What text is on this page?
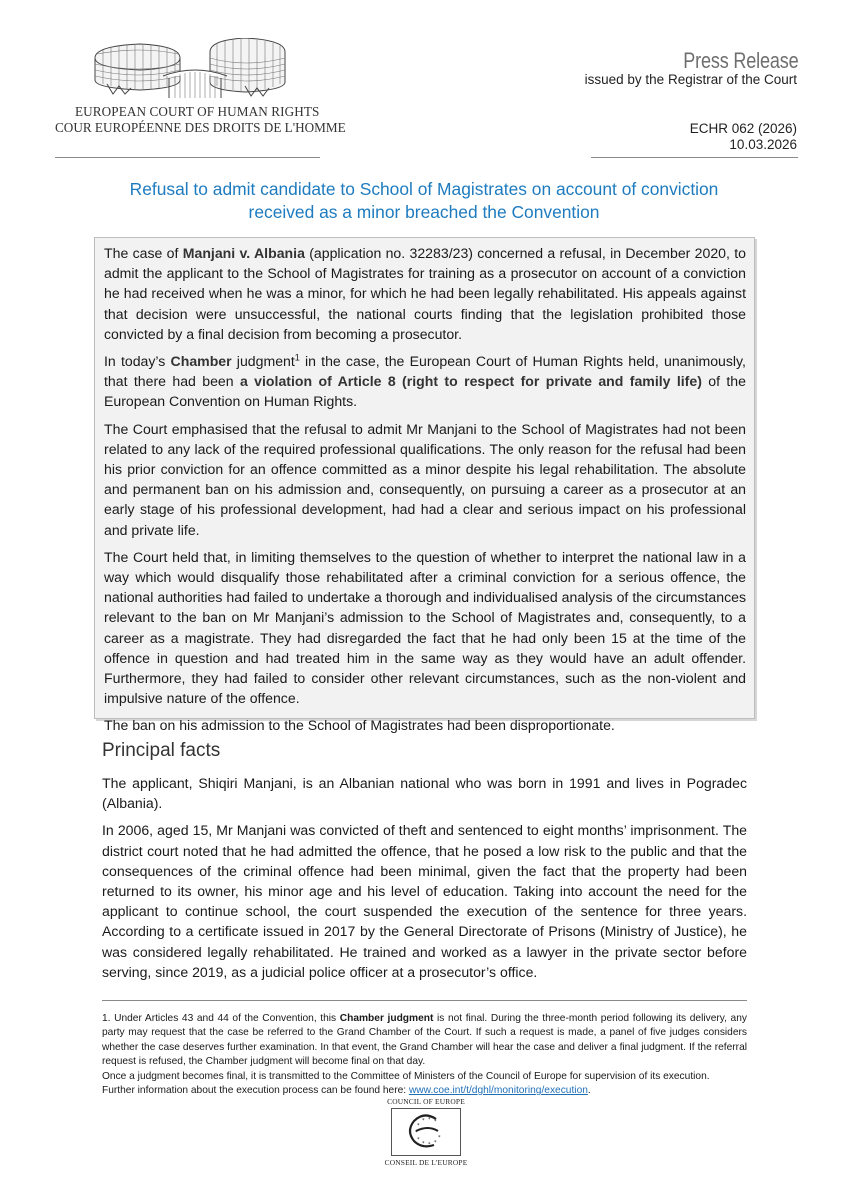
EUROPEAN COURT OF HUMAN RIGHTS
COUR EUROPÉENNE DES DROITS DE L'HOMME
Press Release
issued by the Registrar of the Court
ECHR 062 (2026)
10.03.2026
Refusal to admit candidate to School of Magistrates on account of conviction
received as a minor breached the Convention

The case of Manjani v. Albania (application no. 32283/23) concerned a refusal, in December 2020, to admit the applicant to the School of Magistrates for training as a prosecutor on account of a conviction he had received when he was a minor, for which he had been legally rehabilitated. His appeals against that decision were unsuccessful, the national courts finding that the legislation prohibited those convicted by a final decision from becoming a prosecutor.

In today’s Chamber judgment$^1$ in the case, the European Court of Human Rights held, unanimously, that there had been a violation of Article 8 (right to respect for private and family life) of the European Convention on Human Rights.

The Court emphasised that the refusal to admit Mr Manjani to the School of Magistrates had not been related to any lack of the required professional qualifications. The only reason for the refusal had been his prior conviction for an offence committed as a minor despite his legal rehabilitation. The absolute and permanent ban on his admission and, consequently, on pursuing a career as a prosecutor at an early stage of his professional development, had had a clear and serious impact on his professional and private life.

The Court held that, in limiting themselves to the question of whether to interpret the national law in a way which would disqualify those rehabilitated after a criminal conviction for a serious offence, the national authorities had failed to undertake a thorough and individualised analysis of the circumstances relevant to the ban on Mr Manjani’s admission to the School of Magistrates and, consequently, to a career as a magistrate. They had disregarded the fact that he had only been 15 at the time of the offence in question and had treated him in the same way as they would have an adult offender. Furthermore, they had failed to consider other relevant circumstances, such as the non-violent and impulsive nature of the offence.

The ban on his admission to the School of Magistrates had been disproportionate.

Principal facts

The applicant, Shiqiri Manjani, is an Albanian national who was born in 1991 and lives in Pogradec (Albania).

In 2006, aged 15, Mr Manjani was convicted of theft and sentenced to eight months’ imprisonment. The district court noted that he had admitted the offence, that he posed a low risk to the public and that the consequences of the criminal offence had been minimal, given the fact that the property had been returned to its owner, his minor age and his level of education. Taking into account the need for the applicant to continue school, the court suspended the execution of the sentence for three years. According to a certificate issued in 2017 by the General Directorate of Prisons (Ministry of Justice), he was considered legally rehabilitated. He trained and worked as a lawyer in the private sector before serving, since 2019, as a judicial police officer at a prosecutor’s office.

1. Under Articles 43 and 44 of the Convention, this Chamber judgment is not final. During the three-month period following its delivery, any party may request that the case be referred to the Grand Chamber of the Court. If such a request is made, a panel of five judges considers whether the case deserves further examination. In that event, the Grand Chamber will hear the case and deliver a final judgment. If the referral request is refused, the Chamber judgment will become final on that day.

Once a judgment becomes final, it is transmitted to the Committee of Ministers of the Council of Europe for supervision of its execution.

Further information about the execution process can be found here: www.coe.int/t/dghl/monitoring/execution.

COUNCIL OF EUROPE
* * *
*
*
*
* * *
*
CONSEIL DE L'EUROPE
